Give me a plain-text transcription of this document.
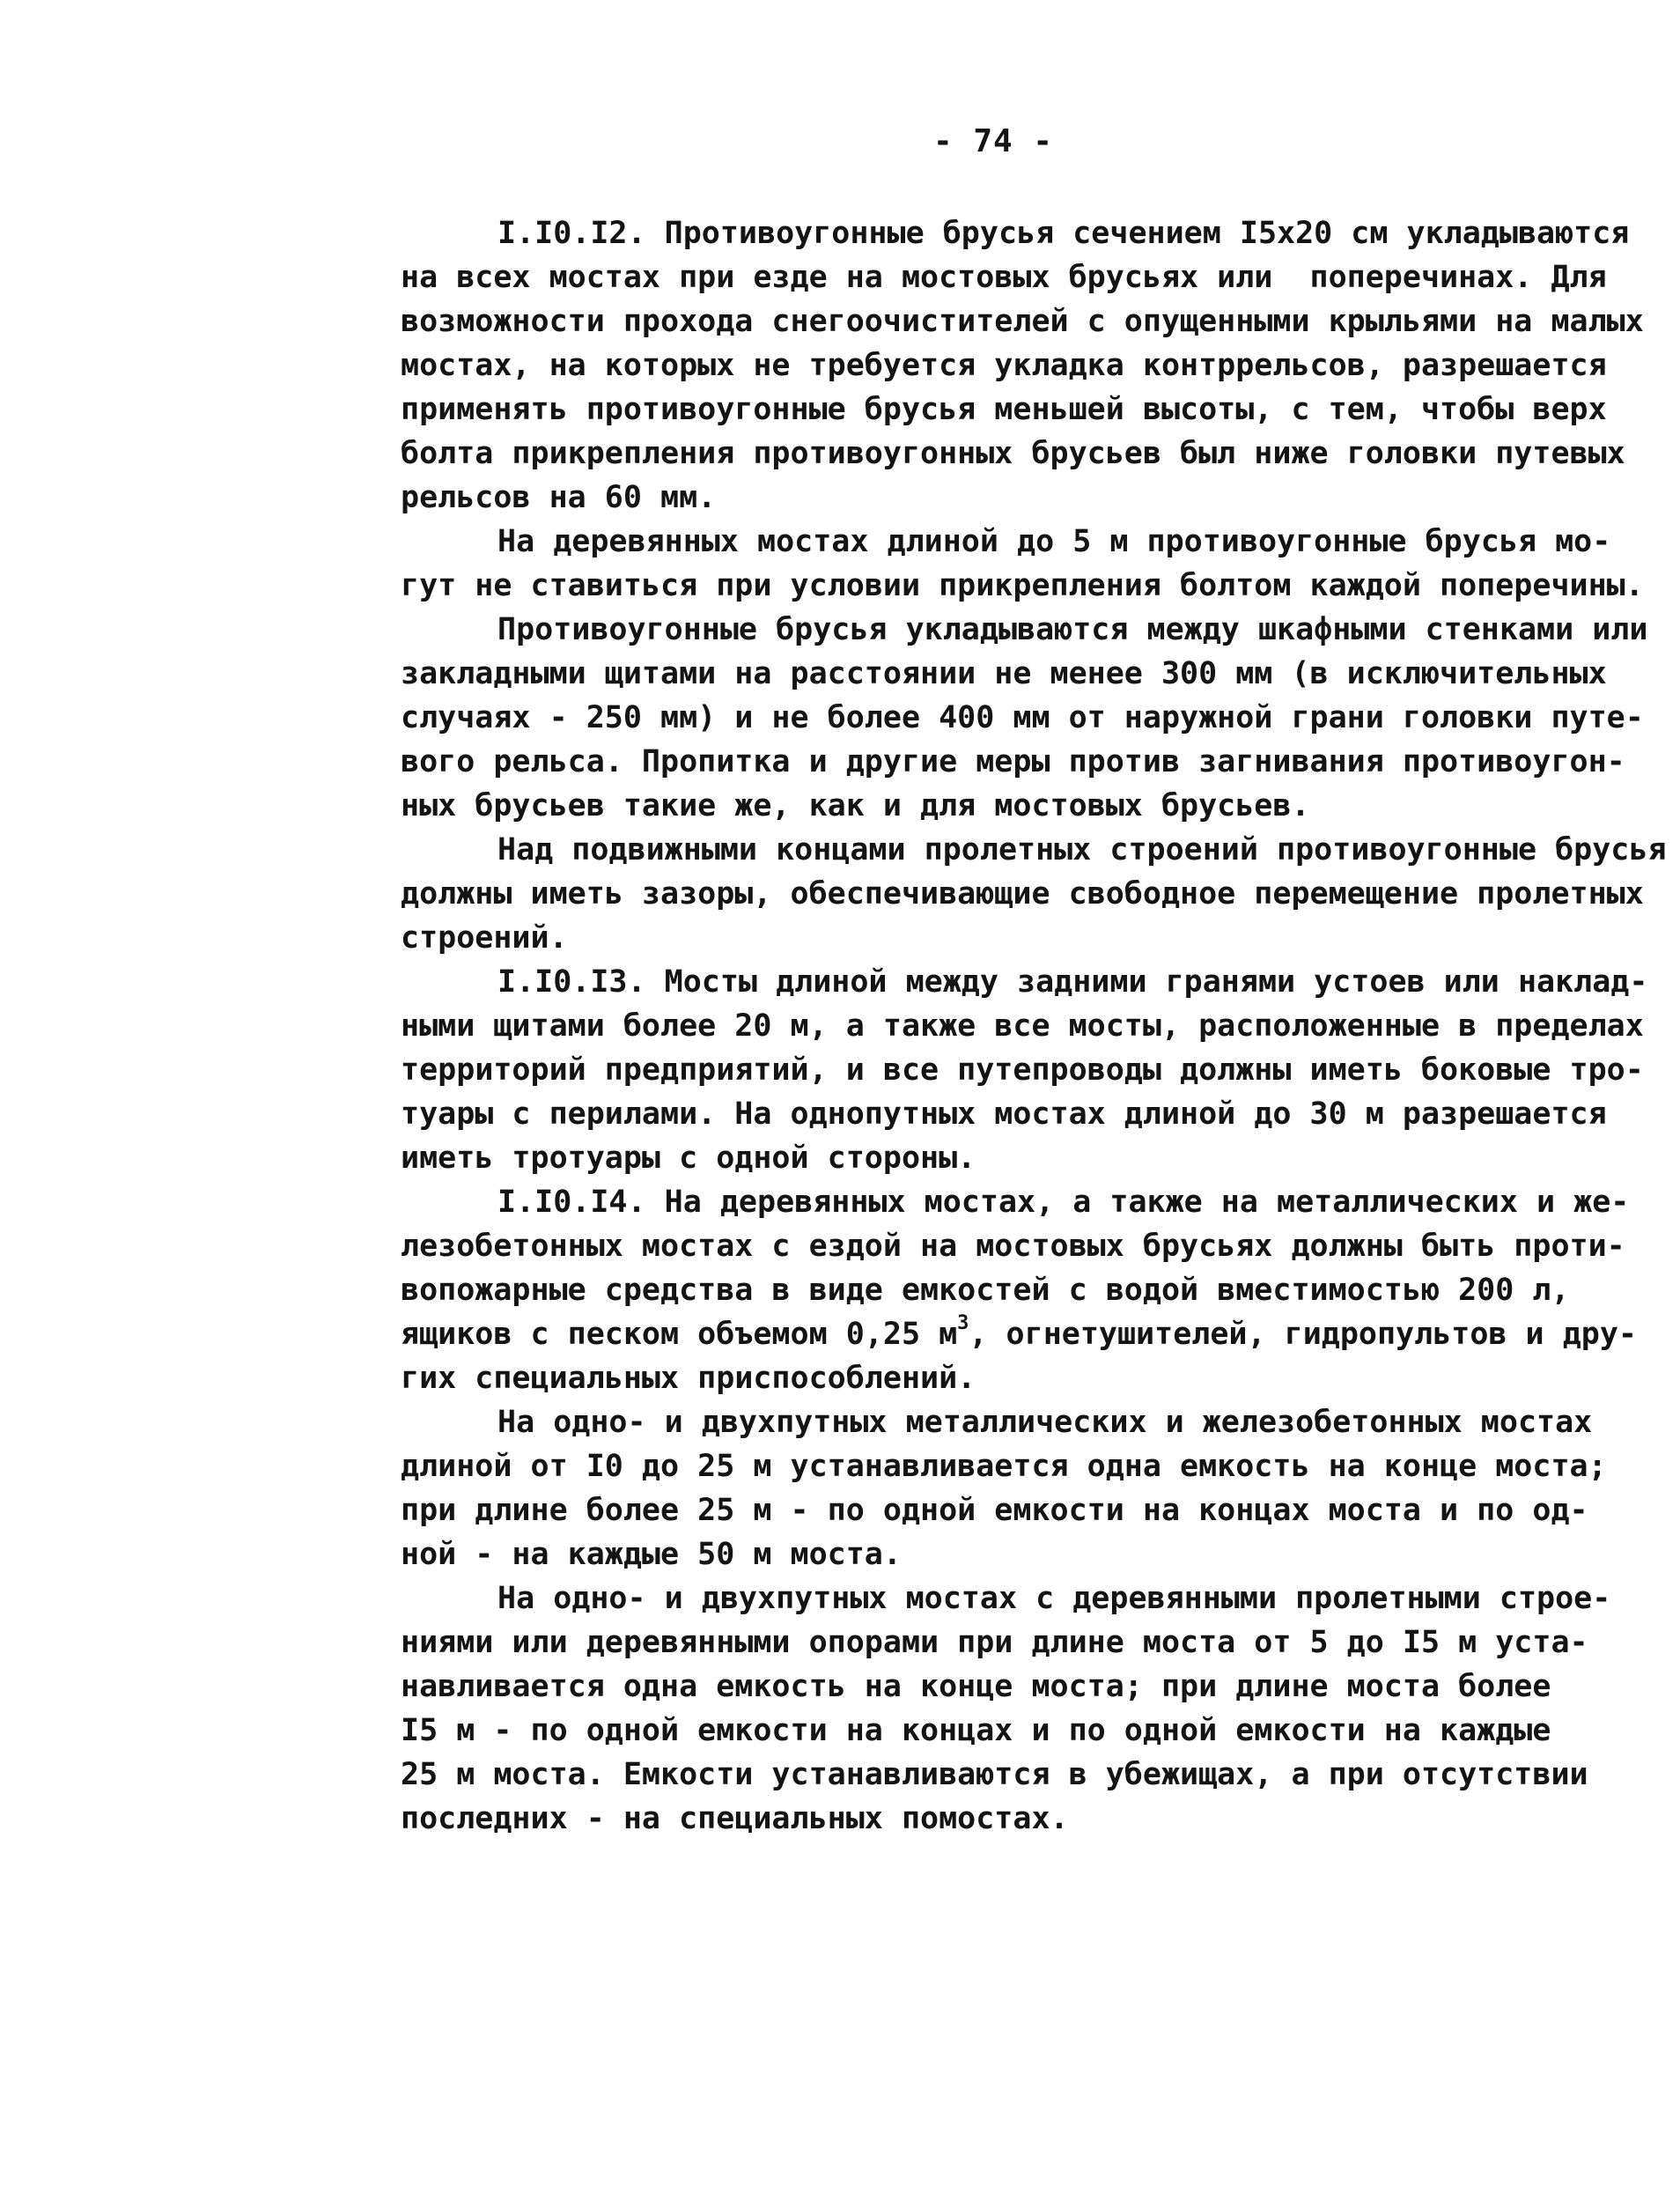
- 74 -
I.I0.I2. Противоугонные брусья сечением I5x20 см укладываются
на всех мостах при езде на мостовых брусьях или  поперечинах. Для
возможности прохода снегоочистителей с опущенными крыльями на малых
мостах, на которых не требуется укладка контррельсов, разрешается
применять противоугонные брусья меньшей высоты, с тем, чтобы верх
болта прикрепления противоугонных брусьев был ниже головки путевых
рельсов на 60 мм.
На деревянных мостах длиной до 5 м противоугонные брусья мо-
гут не ставиться при условии прикрепления болтом каждой поперечины.
Противоугонные брусья укладываются между шкафными стенками или
закладными щитами на расстоянии не менее 300 мм (в исключительных
случаях - 250 мм) и не более 400 мм от наружной грани головки путе-
вого рельса. Пропитка и другие меры против загнивания противоугон-
ных брусьев такие же, как и для мостовых брусьев.
Над подвижными концами пролетных строений противоугонные брусья
должны иметь зазоры, обеспечивающие свободное перемещение пролетных
строений.
I.I0.I3. Мосты длиной между задними гранями устоев или наклад-
ными щитами более 20 м, а также все мосты, расположенные в пределах
территорий предприятий, и все путепроводы должны иметь боковые тро-
туары с перилами. На однопутных мостах длиной до 30 м разрешается
иметь тротуары с одной стороны.
I.I0.I4. На деревянных мостах, а также на металлических и же-
лезобетонных мостах с ездой на мостовых брусьях должны быть проти-
вопожарные средства в виде емкостей с водой вместимостью 200 л,
ящиков с песком объемом 0,25 $м^3$, огнетушителей, гидропультов и дру-
гих специальных приспособлений.
На одно- и двухпутных металлических и железобетонных мостах
длиной от I0 до 25 м устанавливается одна емкость на конце моста;
при длине более 25 м - по одной емкости на концах моста и по од-
ной - на каждые 50 м моста.
На одно- и двухпутных мостах с деревянными пролетными строе-
ниями или деревянными опорами при длине моста от 5 до I5 м уста-
навливается одна емкость на конце моста; при длине моста более
I5 м - по одной емкости на концах и по одной емкости на каждые
25 м моста. Емкости устанавливаются в убежищах, а при отсутствии
последних - на специальных помостах.
